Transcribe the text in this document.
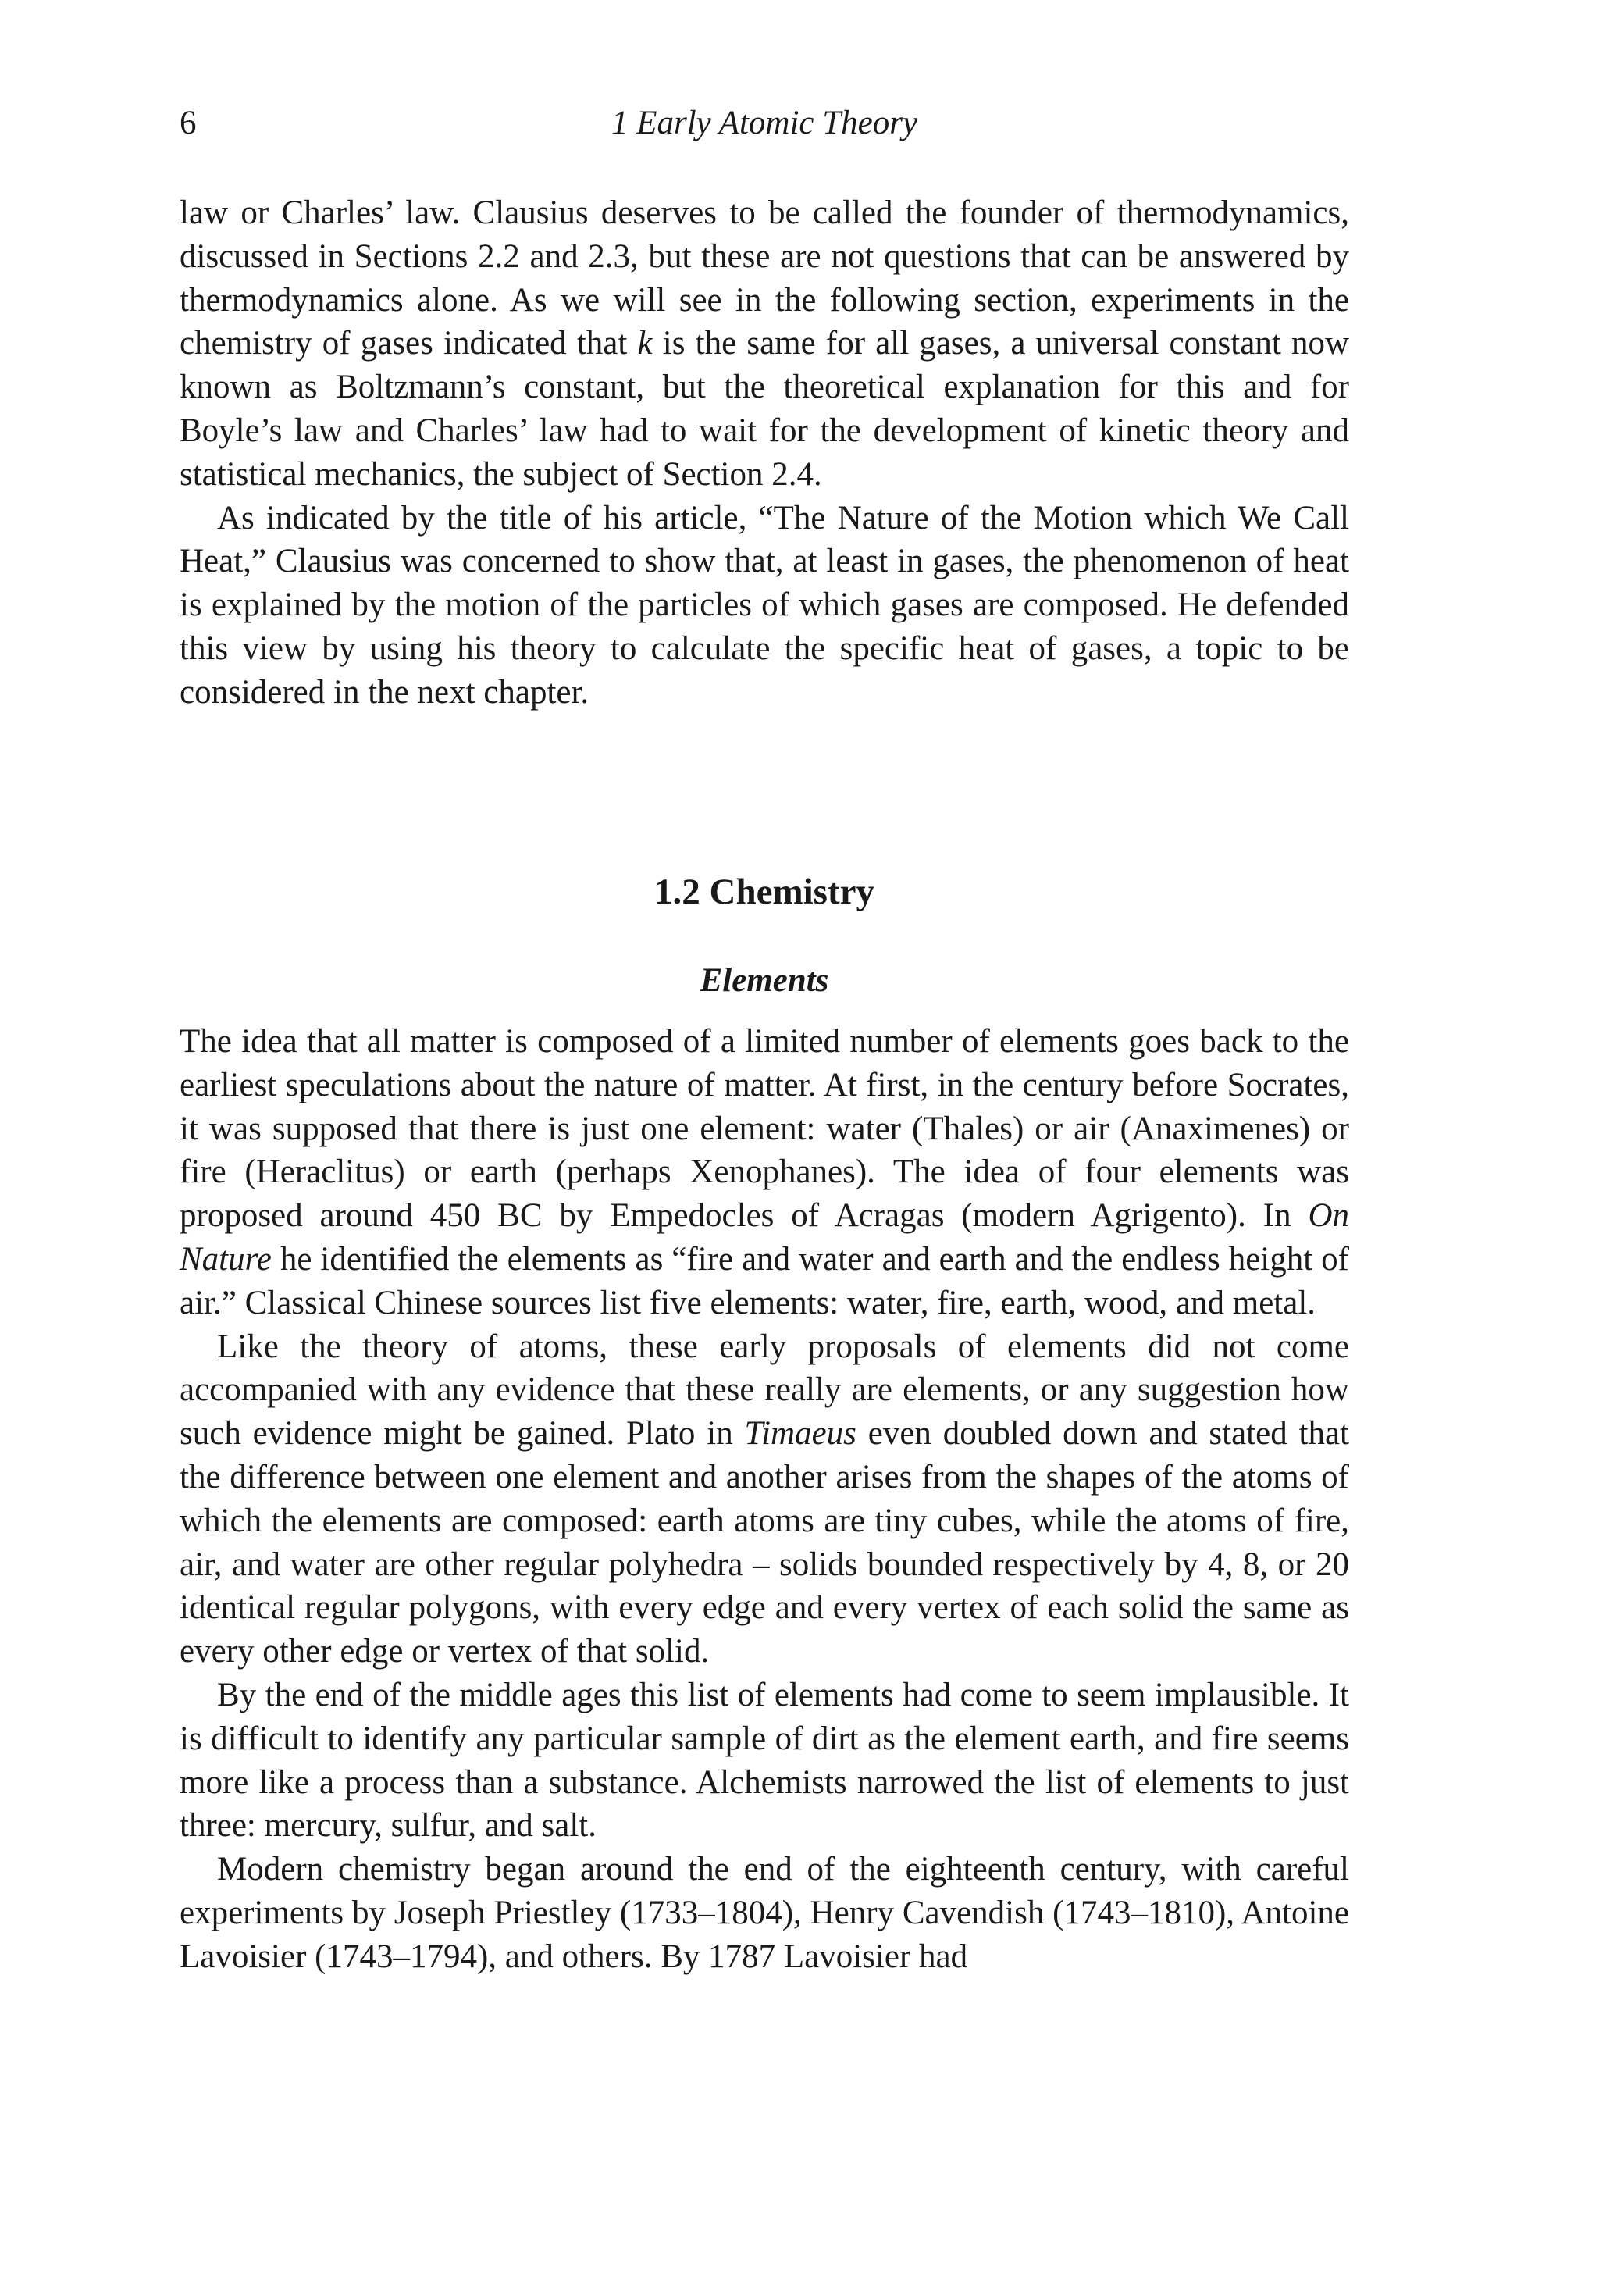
6	1 Early Atomic Theory

law or Charles’ law. Clausius deserves to be called the founder of thermodynamics, discussed in Sections 2.2 and 2.3, but these are not questions that can be answered by thermodynamics alone. As we will see in the following section, experiments in the chemistry of gases indicated that k is the same for all gases, a universal constant now known as Boltzmann’s constant, but the theoretical explanation for this and for Boyle’s law and Charles’ law had to wait for the development of kinetic theory and statistical mechanics, the subject of Section 2.4.

As indicated by the title of his article, “The Nature of the Motion which We Call Heat,” Clausius was concerned to show that, at least in gases, the phenomenon of heat is explained by the motion of the particles of which gases are composed. He defended this view by using his theory to calculate the specific heat of gases, a topic to be considered in the next chapter.

1.2 Chemistry
Elements

The idea that all matter is composed of a limited number of elements goes back to the earliest speculations about the nature of matter. At first, in the century before Socrates, it was supposed that there is just one element: water (Thales) or air (Anaximenes) or fire (Heraclitus) or earth (perhaps Xenophanes). The idea of four elements was proposed around 450 BC by Empedocles of Acragas (modern Agrigento). In On Nature he identified the elements as “fire and water and earth and the endless height of air.” Classical Chinese sources list five elements: water, fire, earth, wood, and metal.

Like the theory of atoms, these early proposals of elements did not come accompanied with any evidence that these really are elements, or any suggestion how such evidence might be gained. Plato in Timaeus even doubled down and stated that the difference between one element and another arises from the shapes of the atoms of which the elements are composed: earth atoms are tiny cubes, while the atoms of fire, air, and water are other regular polyhedra – solids bounded respectively by 4, 8, or 20 identical regular polygons, with every edge and every vertex of each solid the same as every other edge or vertex of that solid.

By the end of the middle ages this list of elements had come to seem implausible. It is difficult to identify any particular sample of dirt as the element earth, and fire seems more like a process than a substance. Alchemists narrowed the list of elements to just three: mercury, sulfur, and salt.

Modern chemistry began around the end of the eighteenth century, with careful experiments by Joseph Priestley (1733–1804), Henry Cavendish (1743–1810), Antoine Lavoisier (1743–1794), and others. By 1787 Lavoisier had
